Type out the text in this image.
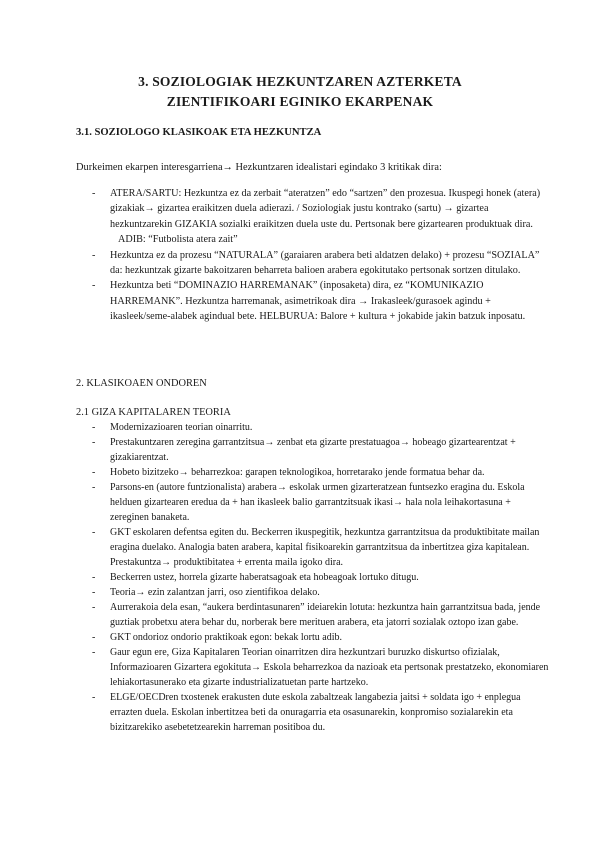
3. SOZIOLOGIAK HEZKUNTZAREN AZTERKETA
ZIENTIFIKOARI EGINIKO EKARPENAK
3.1. SOZIOLOGO KLASIKOAK ETA HEZKUNTZA
Durkeimen ekarpen interesgarriena→ Hezkuntzaren idealistari egindako 3 kritikak dira:
- ATERA/SARTU: Hezkuntza ez da zerbait “ateratzen” edo “sartzen” den prozesua. Ikuspegi honek (atera) gizakiak→ gizartea eraikitzen duela adierazi. / Soziologiak justu kontrako (sartu) → gizartea hezkuntzarekin GIZAKIA sozialki eraikitzen duela uste du. Pertsonak bere gizartearen produktuak dira.
ADIB: “Futbolista atera zait”
- Hezkuntza ez da prozesu “NATURALA” (garaiaren arabera beti aldatzen delako) + prozesu “SOZIALA” da: hezkuntzak gizarte bakoitzaren beharreta balioen arabera egokitutako pertsonak sortzen ditulako.
- Hezkuntza beti “DOMINAZIO HARREMANAK” (inposaketa) dira, ez “KOMUNIKAZIO HARREMANK”. Hezkuntza harremanak, asimetrikoak dira → Irakasleek/gurasoek agindu + ikasleek/seme-alabek agindual bete. HELBURUA: Balore + kultura + jokabide jakin batzuk inposatu.
2. KLASIKOAEN ONDOREN
2.1 GIZA KAPITALAREN TEORIA
- Modernizazioaren teorian oinarritu.
- Prestakuntzaren zeregina garrantzitsua→ zenbat eta gizarte prestatuagoa→ hobeago gizartearentzat + gizakiarentzat.
- Hobeto bizitzeko→ beharrezkoa: garapen teknologikoa, horretarako jende formatua behar da.
- Parsons-en (autore funtzionalista) arabera→ eskolak urmen gizarteratzean funtsezko eragina du. Eskola helduen gizartearen eredua da + han ikasleek balio garrantzitsuak ikasi→ hala nola leihakortasuna + zereginen banaketa.
- GKT eskolaren defentsa egiten du. Beckerren ikuspegitik, hezkuntza garrantzitsua da produktibitate mailan eragina duelako. Analogia baten arabera, kapital fisikoarekin garrantzitsua da inbertitzea giza kapitalean. Prestakuntza→ produktibitatea + errenta maila igoko dira.
- Beckerren ustez, horrela gizarte haberatsagoak eta hobeagoak lortuko ditugu.
- Teoria→ ezin zalantzan jarri, oso zientifikoa delako.
- Aurrerakoia dela esan, “aukera berdintasunaren” ideiarekin lotuta: hezkuntza hain garrantzitsua bada, jende guztiak probetxu atera behar du, norberak bere merituen arabera, eta jatorri sozialak oztopo izan gabe.
- GKT ondorioz ondorio praktikoak egon: bekak lortu adib.
- Gaur egun ere, Giza Kapitalaren Teorian oinarritzen dira hezkuntzari buruzko diskurtso ofizialak, Informazioaren Gizartera egokituta→ Eskola beharrezkoa da nazioak eta pertsonak prestatzeko, ekonomiaren lehiakortasunerako eta gizarte industrializatuetan parte hartzeko.
- ELGE/OECDren txostenek erakusten dute eskola zabaltzeak langabezia jaitsi + soldata igo + enplegua errazten duela. Eskolan inbertitzea beti da onuragarria eta osasunarekin, konpromiso sozialarekin eta bizitzarekiko asebetetzearekin harreman positiboa du.
